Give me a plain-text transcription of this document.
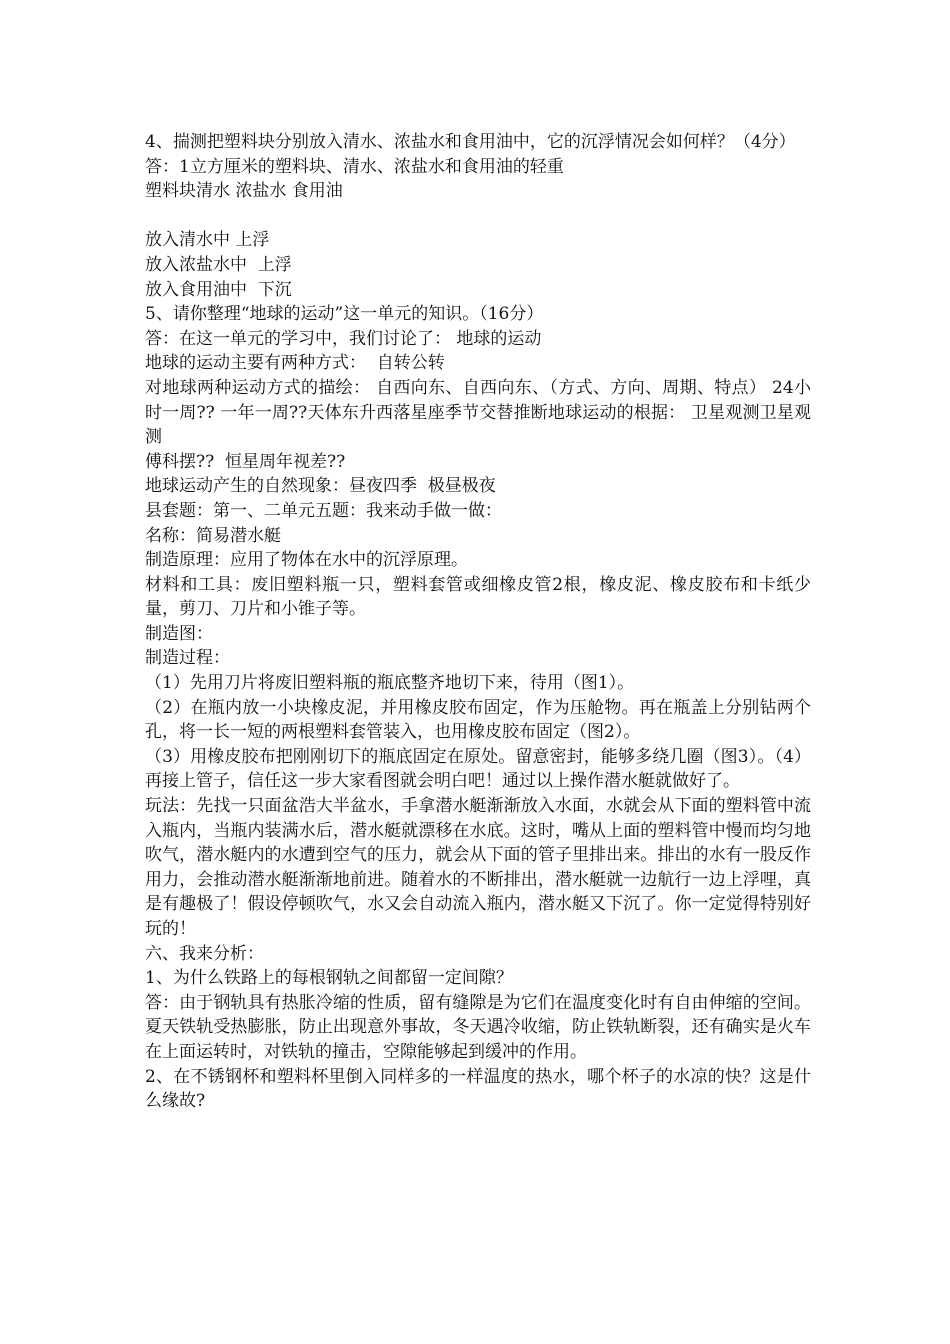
4、揣测把塑料块分别放入清水、浓盐水和食用油中，它的沉浮情况会如何样？（4分）
答：1立方厘米的塑料块、清水、浓盐水和食用油的轻重
塑料块清水 浓盐水 食用油
放入清水中 上浮
放入浓盐水中  上浮
放入食用油中  下沉
5、请你整理“地球的运动”这一单元的知识。（16分）
答：在这一单元的学习中，我们讨论了： 地球的运动
地球的运动主要有两种方式：  自转公转
对地球两种运动方式的描绘： 自西向东、自西向东、（方式、方向、周期、特点） 24小时一周?? 一年一周??天体东升西落星座季节交替推断地球运动的根据： 卫星观测卫星观测
傅科摆??  恒星周年视差??
地球运动产生的自然现象：昼夜四季  极昼极夜
县套题：第一、二单元五题：我来动手做一做：
名称：简易潜水艇
制造原理：应用了物体在水中的沉浮原理。
材料和工具：废旧塑料瓶一只，塑料套管或细橡皮管2根，橡皮泥、橡皮胶布和卡纸少量，剪刀、刀片和小锥子等。
制造图：
制造过程：
（1）先用刀片将废旧塑料瓶的瓶底整齐地切下来，待用（图1）。
（2）在瓶内放一小块橡皮泥，并用橡皮胶布固定，作为压舱物。再在瓶盖上分别钻两个孔，将一长一短的两根塑料套管装入，也用橡皮胶布固定（图2）。
（3）用橡皮胶布把刚刚切下的瓶底固定在原处。留意密封，能够多绕几圈（图3）。（4）再接上管子，信任这一步大家看图就会明白吧！通过以上操作潜水艇就做好了。
玩法：先找一只面盆浩大半盆水，手拿潜水艇渐渐放入水面，水就会从下面的塑料管中流入瓶内，当瓶内装满水后，潜水艇就漂移在水底。这时，嘴从上面的塑料管中慢而均匀地吹气，潜水艇内的水遭到空气的压力，就会从下面的管子里排出来。排出的水有一股反作用力，会推动潜水艇渐渐地前进。随着水的不断排出，潜水艇就一边航行一边上浮哩，真是有趣极了！假设停顿吹气，水又会自动流入瓶内，潜水艇又下沉了。你一定觉得特别好玩的！
六、我来分析：
1、为什么铁路上的每根钢轨之间都留一定间隙？
答：由于钢轨具有热胀冷缩的性质，留有缝隙是为它们在温度变化时有自由伸缩的空间。夏天铁轨受热膨胀，防止出现意外事故，冬天遇冷收缩，防止铁轨断裂，还有确实是火车在上面运转时，对铁轨的撞击，空隙能够起到缓冲的作用。
2、在不锈钢杯和塑料杯里倒入同样多的一样温度的热水，哪个杯子的水凉的快？这是什么缘故?
